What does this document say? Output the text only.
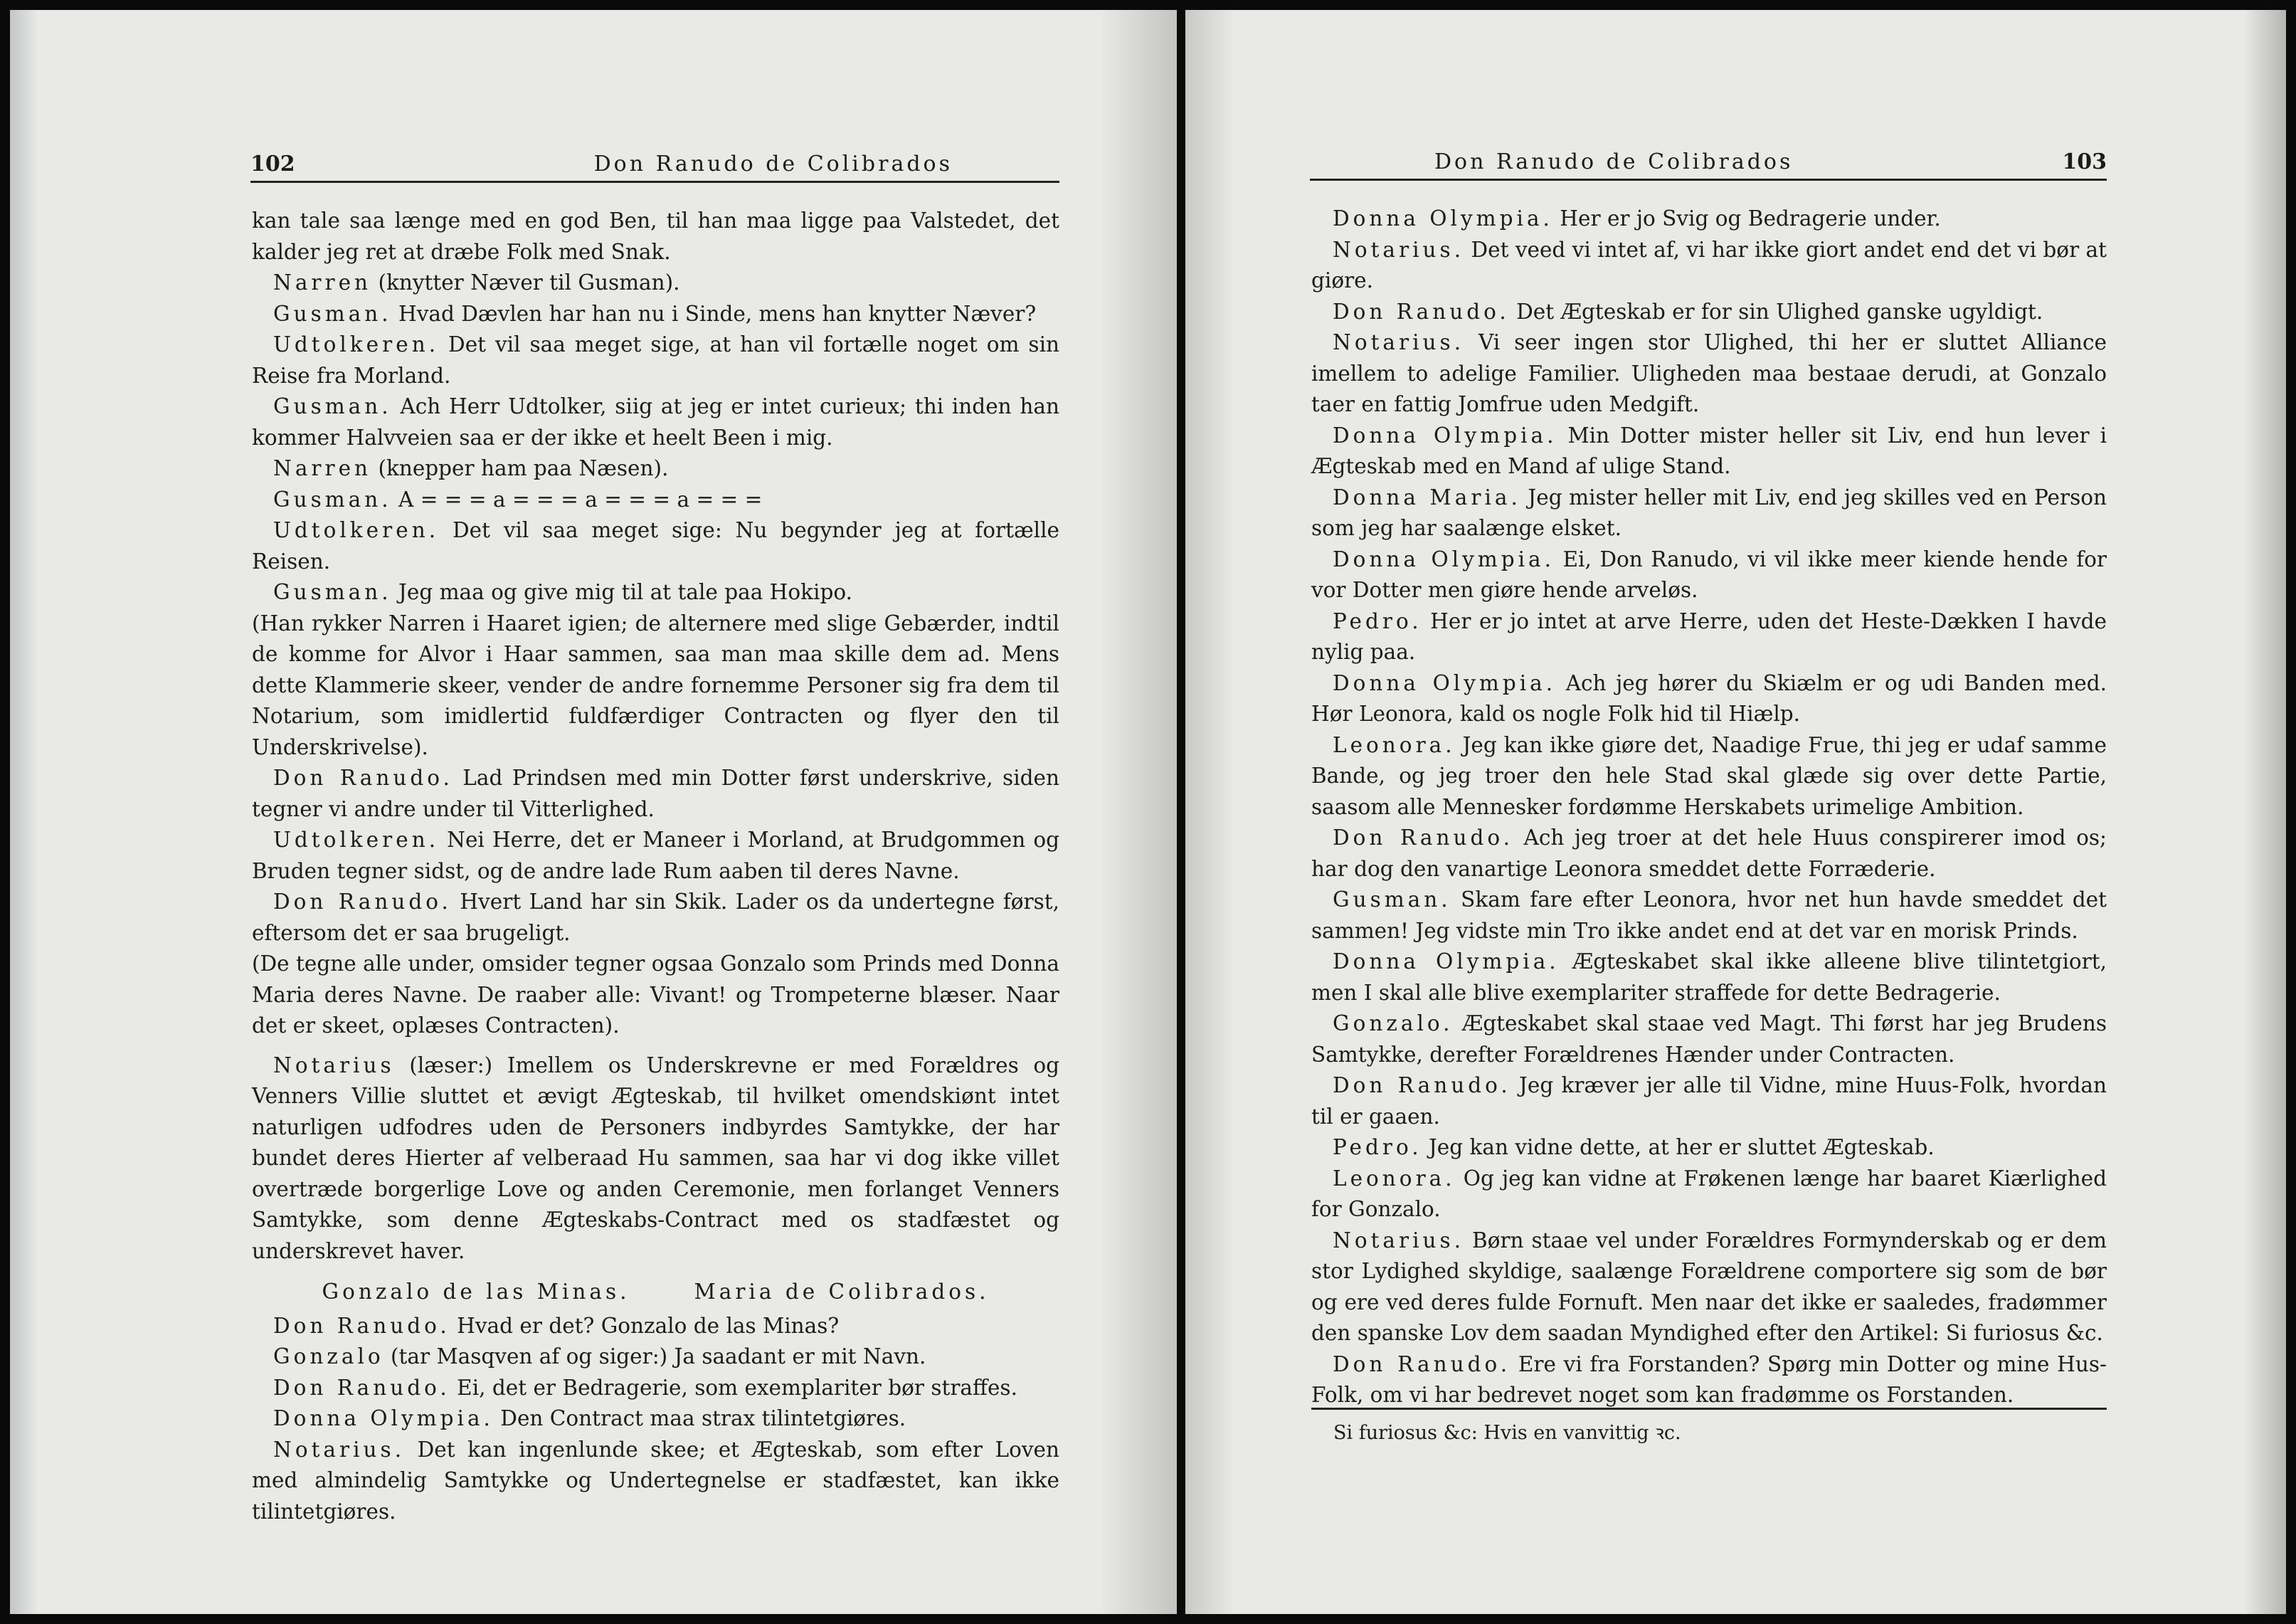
102	Don Ranudo de Colibrados

kan tale saa længe med en god Ben, til han maa ligge paa Valstedet, det kalder jeg ret at dræbe Folk med Snak.

Narren (knytter Næver til Gusman).

Gusman. Hvad Dævlen har han nu i Sinde, mens han knytter Næver?

Udtolkeren. Det vil saa meget sige, at han vil fortælle noget om sin Reise fra Morland.

Gusman. Ach Herr Udtolker, siig at jeg er intet curieux; thi inden han kommer Halvveien saa er der ikke et heelt Been i mig.

Narren (knepper ham paa Næsen).

Gusman. A = = = a = = = a = = = a = = =

Udtolkeren. Det vil saa meget sige: Nu begynder jeg at fortælle Reisen.

Gusman. Jeg maa og give mig til at tale paa Hokipo.

(Han rykker Narren i Haaret igien; de alternere med slige Gebærder, indtil de komme for Alvor i Haar sammen, saa man maa skille dem ad. Mens dette Klammerie skeer, vender de andre fornemme Personer sig fra dem til Notarium, som imidlertid fuldfærdiger Contracten og flyer den til Underskrivelse).

Don Ranudo. Lad Prindsen med min Dotter først underskrive, siden tegner vi andre under til Vitterlighed.

Udtolkeren. Nei Herre, det er Maneer i Morland, at Brudgommen og Bruden tegner sidst, og de andre lade Rum aaben til deres Navne.

Don Ranudo. Hvert Land har sin Skik. Lader os da undertegne først, eftersom det er saa brugeligt.

(De tegne alle under, omsider tegner ogsaa Gonzalo som Prinds med Donna Maria deres Navne. De raaber alle: Vivant! og Trompeterne blæser. Naar det er skeet, oplæses Contracten).

Notarius (læser:) Imellem os Underskrevne er med Forældres og Venners Villie sluttet et ævigt Ægteskab, til hvilket omendskiønt intet naturligen udfodres uden de Personers indbyrdes Samtykke, der har bundet deres Hierter af velberaad Hu sammen, saa har vi dog ikke villet overtræde borgerlige Love og anden Ceremonie, men forlanget Venners Samtykke, som denne Ægteskabs-Contract med os stadfæstet og underskrevet haver.

Gonzalo de las Minas.	Maria de Colibrados.

Don Ranudo. Hvad er det? Gonzalo de las Minas?

Gonzalo (tar Masqven af og siger:) Ja saadant er mit Navn.

Don Ranudo. Ei, det er Bedragerie, som exemplariter bør straffes.

Donna Olympia. Den Contract maa strax tilintetgiøres.

Notarius. Det kan ingenlunde skee; et Ægteskab, som efter Loven med almindelig Samtykke og Undertegnelse er stadfæstet, kan ikke tilintetgiøres.

Don Ranudo de Colibrados	103

Donna Olympia. Her er jo Svig og Bedragerie under.

Notarius. Det veed vi intet af, vi har ikke giort andet end det vi bør at giøre.

Don Ranudo. Det Ægteskab er for sin Ulighed ganske ugyldigt.

Notarius. Vi seer ingen stor Ulighed, thi her er sluttet Alliance imellem to adelige Familier. Uligheden maa bestaae derudi, at Gonzalo taer en fattig Jomfrue uden Medgift.

Donna Olympia. Min Dotter mister heller sit Liv, end hun lever i Ægteskab med en Mand af ulige Stand.

Donna Maria. Jeg mister heller mit Liv, end jeg skilles ved en Person som jeg har saalænge elsket.

Donna Olympia. Ei, Don Ranudo, vi vil ikke meer kiende hende for vor Dotter men giøre hende arveløs.

Pedro. Her er jo intet at arve Herre, uden det Heste-Dækken I havde nylig paa.

Donna Olympia. Ach jeg hører du Skiælm er og udi Banden med. Hør Leonora, kald os nogle Folk hid til Hiælp.

Leonora. Jeg kan ikke giøre det, Naadige Frue, thi jeg er udaf samme Bande, og jeg troer den hele Stad skal glæde sig over dette Partie, saasom alle Mennesker fordømme Herskabets urimelige Ambition.

Don Ranudo. Ach jeg troer at det hele Huus conspirerer imod os; har dog den vanartige Leonora smeddet dette Forræderie.

Gusman. Skam fare efter Leonora, hvor net hun havde smeddet det sammen! Jeg vidste min Tro ikke andet end at det var en morisk Prinds.

Donna Olympia. Ægteskabet skal ikke alleene blive tilintetgiort, men I skal alle blive exemplariter straffede for dette Bedragerie.

Gonzalo. Ægteskabet skal staae ved Magt. Thi først har jeg Brudens Samtykke, derefter Forældrenes Hænder under Contracten.

Don Ranudo. Jeg kræver jer alle til Vidne, mine Huus-Folk, hvordan til er gaaen.

Pedro. Jeg kan vidne dette, at her er sluttet Ægteskab.

Leonora. Og jeg kan vidne at Frøkenen længe har baaret Kiærlighed for Gonzalo.

Notarius. Børn staae vel under Forældres Formynderskab og er dem stor Lydighed skyldige, saalænge Forældrene comportere sig som de bør og ere ved deres fulde Fornuft. Men naar det ikke er saaledes, fradømmer den spanske Lov dem saadan Myndighed efter den Artikel: Si furiosus &c.

Don Ranudo. Ere vi fra Forstanden? Spørg min Dotter og mine Hus-Folk, om vi har bedrevet noget som kan fradømme os Forstanden.

Si furiosus &c: Hvis en vanvittig ꝛc.
